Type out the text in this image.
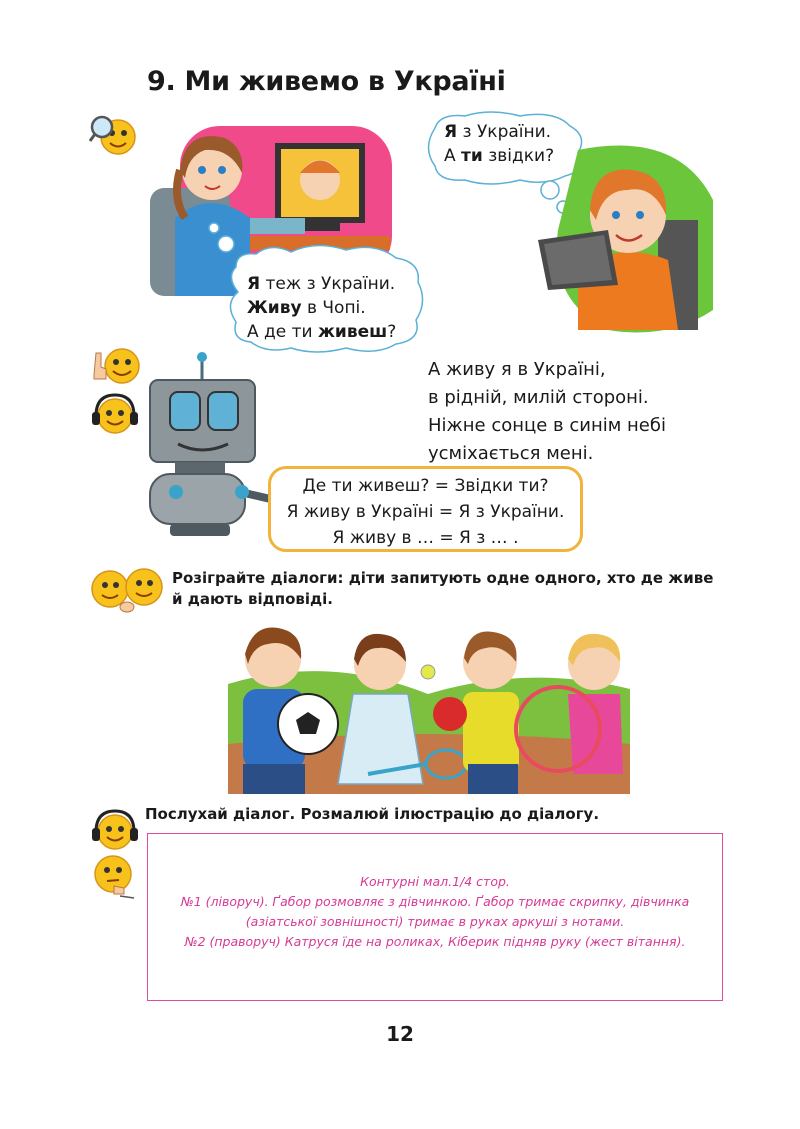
9. Ми живемо в Україні
Я теж з України.
Живу в Чопі.
А де ти живеш?
Я з України.
А ти звідки?
А живу я в Україні,
в рідній, милій стороні.
Ніжне сонце в синім небі
усміхається мені.
Де ти живеш? = Звідки ти?
Я живу в Україні = Я з України.
Я живу в … = Я з … .
Розіграйте діалоги: діти запитують одне одного, хто де живе
й дають відповіді.
Послухай діалог. Розмалюй ілюстрацію до діалогу.
Контурні мал.1/4 стор.
№1 (ліворуч). Ґабор розмовляє з дівчинкою. Ґабор тримає скрипку, дівчинка
(азіатської зовнішності) тримає в руках аркуші з нотами.
№2 (праворуч) Катруся їде на роликах, Кіберик підняв руку (жест вітання).
12
